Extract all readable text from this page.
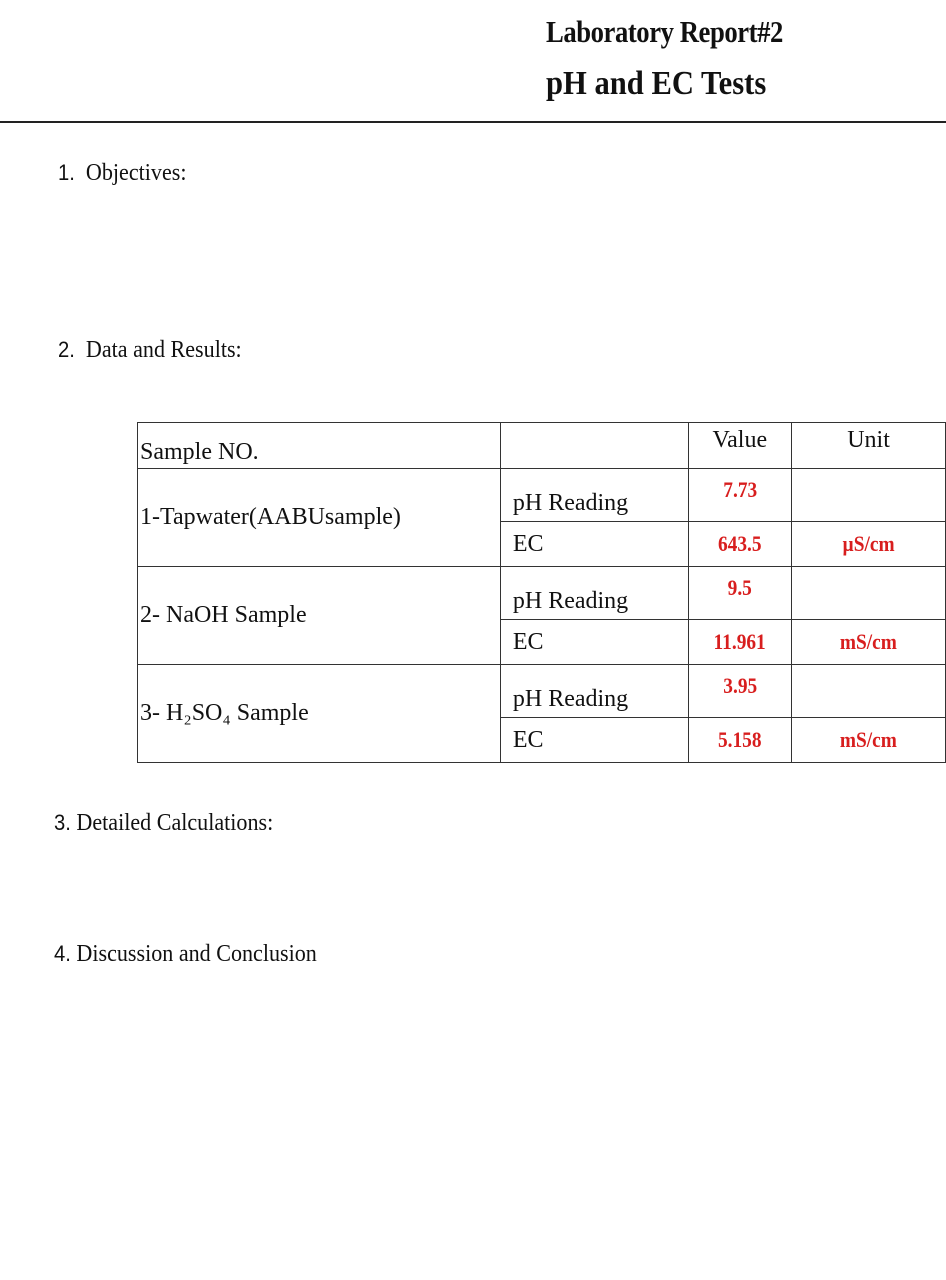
Laboratory Report#2
pH and EC Tests
1. Objectives:
2. Data and Results:
Sample NO.		Value	Unit
1-Tapwater(AABUsample)	pH Reading	7.73	
	EC	643.5	µS/cm
2- NaOH Sample	pH Reading	9.5	
	EC	11.961	mS/cm
3- H₂SO₄ Sample	pH Reading	3.95	
	EC	5.158	mS/cm
3. Detailed Calculations:
4. Discussion and Conclusion
